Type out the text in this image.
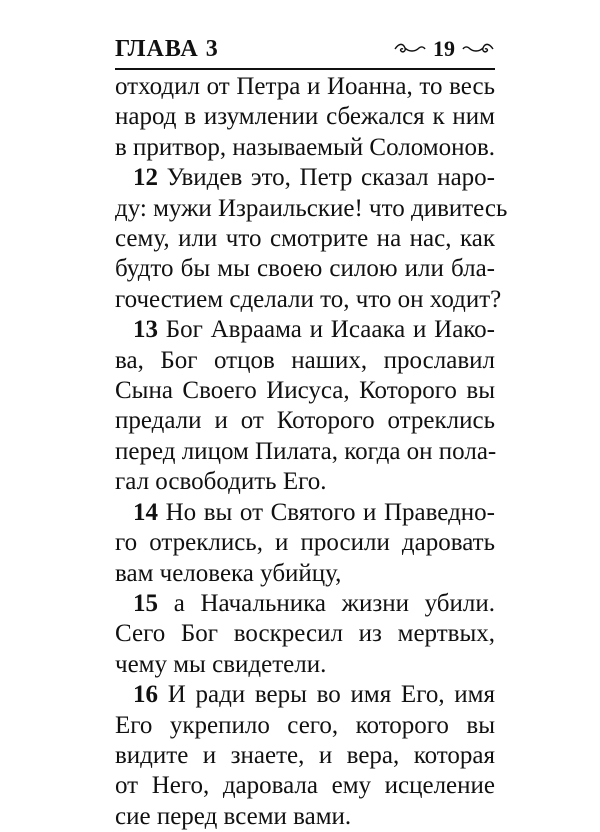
ГЛАВА 3	19

отходил от Петра и Иоанна, то весь
народ в изумлении сбежался к ним
в притвор, называемый Соломонов.

12 Увидев это, Петр сказал наро-
ду: мужи Израильские! что дивитесь
сему, или что смотрите на нас, как
будто бы мы своею силою или бла-
гочестием сделали то, что он ходит?

13 Бог Авраама и Исаака и Иако-
ва, Бог отцов наших, прославил
Сына Своего Иисуса, Которого вы
предали и от Которого отреклись
перед лицом Пилата, когда он пола-
гал освободить Его.

14 Но вы от Святого и Праведно-
го отреклись, и просили даровать
вам человека убийцу,

15 а Начальника жизни убили.
Сего Бог воскресил из мертвых,
чему мы свидетели.

16 И ради веры во имя Его, имя
Его укрепило сего, которого вы
видите и знаете, и вера, которая
от Него, даровала ему исцеление
сие перед всеми вами.
